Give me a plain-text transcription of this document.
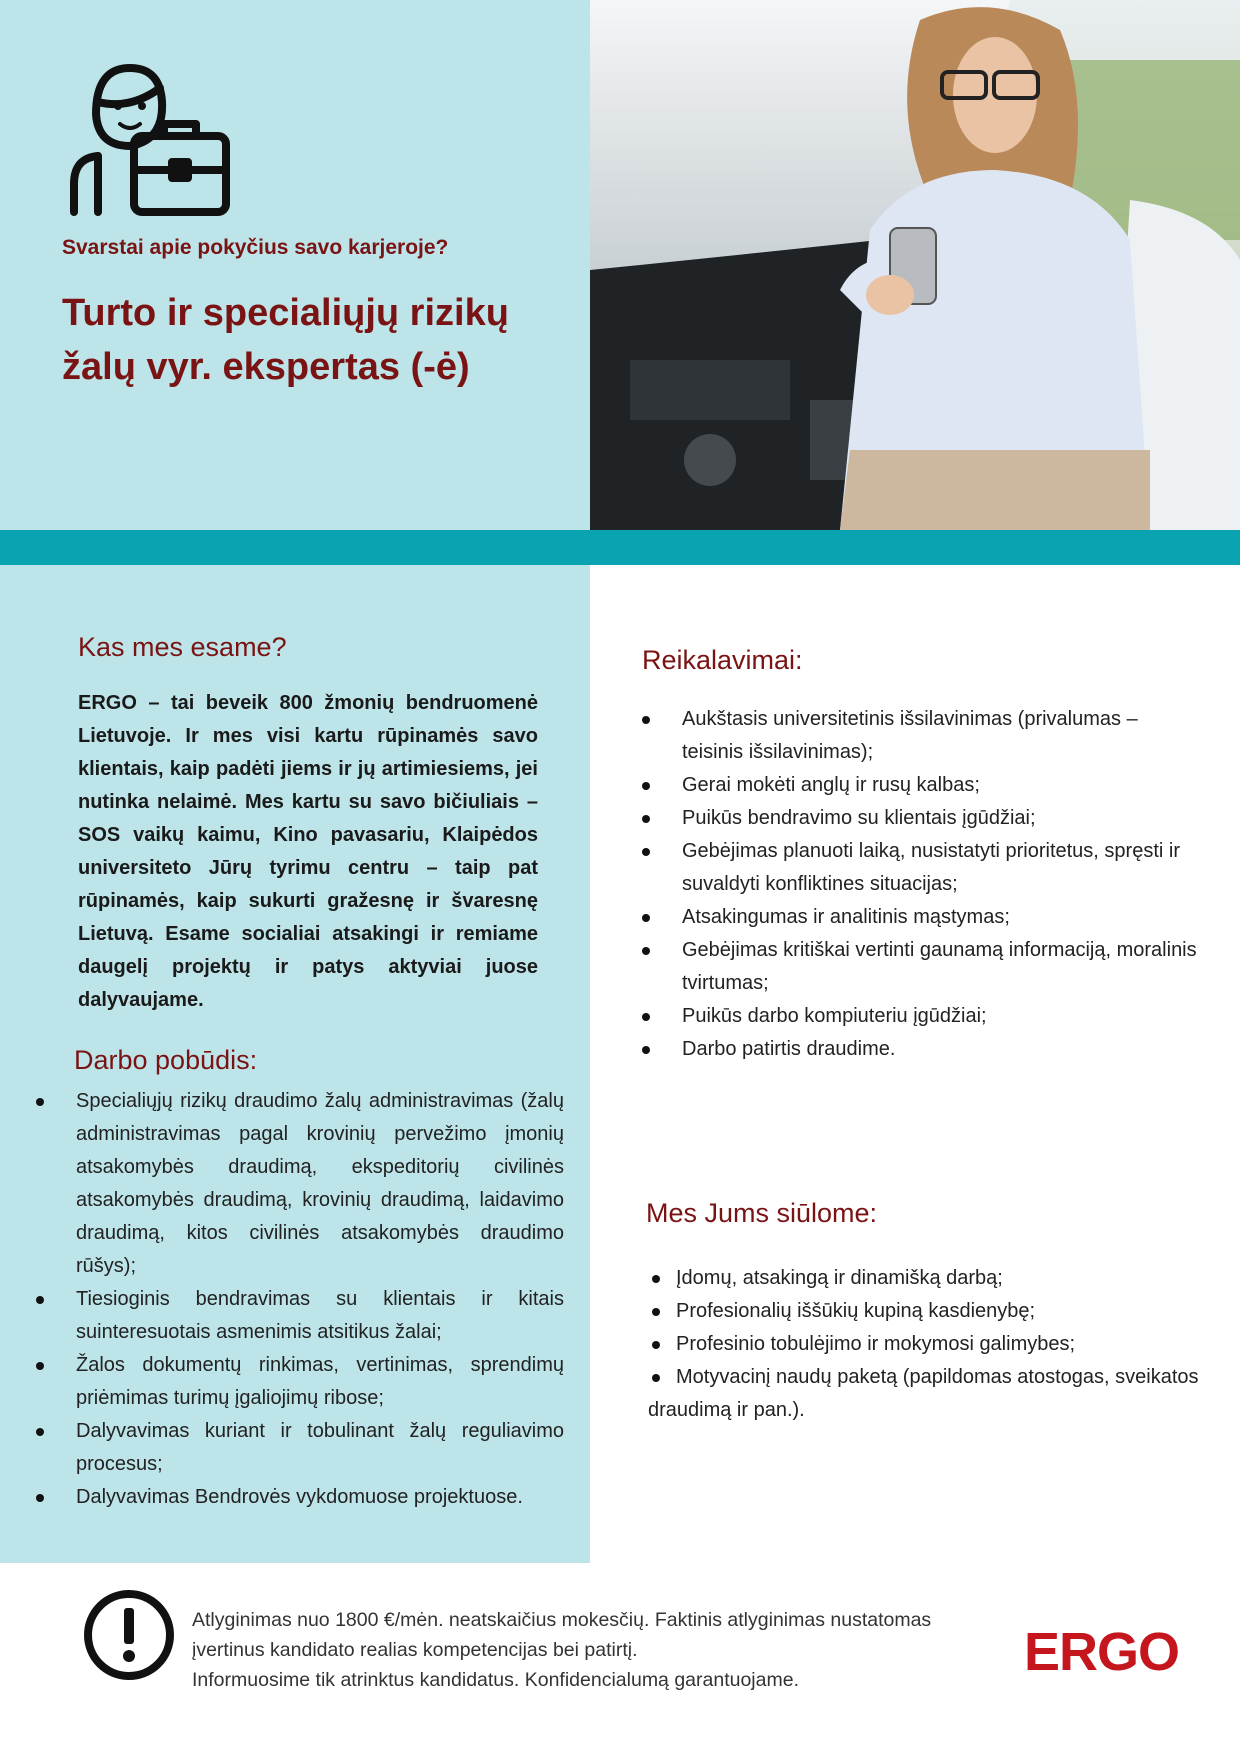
Svarstai apie pokyčius savo karjeroje?
Turto ir specialiųjų rizikų
žalų vyr. ekspertas (-ė)
Kas mes esame?
ERGO – tai beveik 800 žmonių bendruomenė Lietuvoje. Ir mes visi kartu rūpinamės savo klientais, kaip padėti jiems ir jų artimiesiems, jei nutinka nelaimė. Mes kartu su savo bičiuliais – SOS vaikų kaimu, Kino pavasariu, Klaipėdos universiteto Jūrų tyrimu centru – taip pat rūpinamės, kaip sukurti gražesnę ir švaresnę Lietuvą. Esame socialiai atsakingi ir remiame daugelį projektų ir patys aktyviai juose dalyvaujame.
Darbo pobūdis:
Specialiųjų rizikų draudimo žalų administravimas (žalų administravimas pagal krovinių pervežimo įmonių atsakomybės draudimą, ekspeditorių civilinės atsakomybės draudimą, krovinių draudimą, laidavimo draudimą, kitos civilinės atsakomybės draudimo rūšys);
Tiesioginis bendravimas su klientais ir kitais suinteresuotais asmenimis atsitikus žalai;
Žalos dokumentų rinkimas, vertinimas, sprendimų priėmimas turimų įgaliojimų ribose;
Dalyvavimas kuriant ir tobulinant žalų reguliavimo procesus;
Dalyvavimas Bendrovės vykdomuose projektuose.
Reikalavimai:
Aukštasis universitetinis išsilavinimas (privalumas – teisinis išsilavinimas);
Gerai mokėti anglų ir rusų kalbas;
Puikūs bendravimo su klientais įgūdžiai;
Gebėjimas planuoti laiką, nusistatyti prioritetus, spręsti ir suvaldyti konfliktines situacijas;
Atsakingumas ir analitinis mąstymas;
Gebėjimas kritiškai vertinti gaunamą informaciją, moralinis tvirtumas;
Puikūs darbo kompiuteriu įgūdžiai;
Darbo patirtis draudime.
Mes Jums siūlome:
Įdomų, atsakingą ir dinamišką darbą;
Profesionalių iššūkių kupiną kasdienybę;
Profesinio tobulėjimo ir mokymosi galimybes;
Motyvacinį naudų paketą (papildomas atostogas, sveikatos draudimą ir pan.).
Atlyginimas nuo 1800 €/mėn. neatskaičius mokesčių. Faktinis atlyginimas nustatomas
įvertinus kandidato realias kompetencijas bei patirtį.
Informuosime tik atrinktus kandidatus. Konfidencialumą garantuojame.	ERGO
